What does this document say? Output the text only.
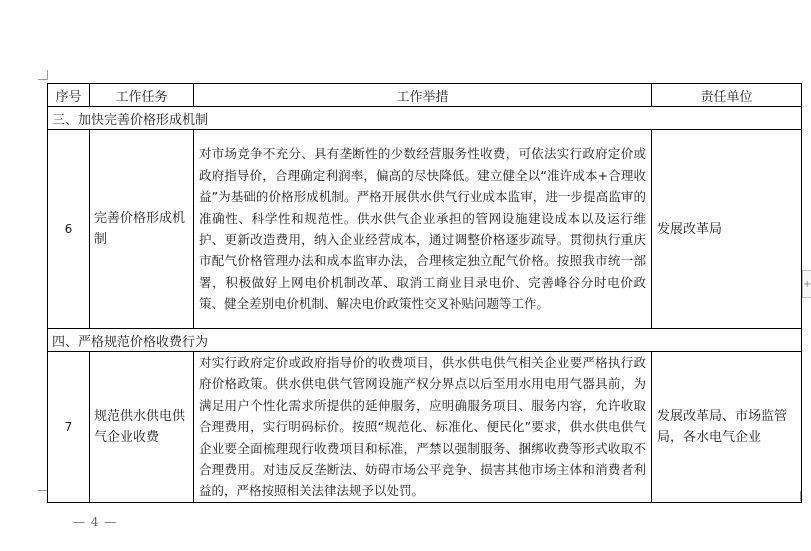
+
序号	工作任务	工作举措	责任单位
三、加快完善价格形成机制			
6	完善价格形成机制	对市场竞争不充分、具有垄断性的少数经营服务性收费，可依法实行政府定价或政府指导价，合理确定利润率，偏高的尽快降低。建立健全以“准许成本+合理收益”为基础的价格形成机制。严格开展供水供气行业成本监审，进一步提高监审的准确性、科学性和规范性。供水供气企业承担的管网设施建设成本以及运行维护、更新改造费用，纳入企业经营成本，通过调整价格逐步疏导。贯彻执行重庆市配气价格管理办法和成本监审办法，合理核定独立配气价格。按照我市统一部署，积极做好上网电价机制改革、取消工商业目录电价、完善峰谷分时电价政策、健全差别电价机制、解决电价政策性交叉补贴问题等工作。	发展改革局
四、严格规范价格收费行为			
7	规范供水供电供气企业收费	对实行政府定价或政府指导价的收费项目，供水供电供气相关企业要严格执行政府价格政策。供水供电供气管网设施产权分界点以后至用水用电用气器具前，为满足用户个性化需求所提供的延伸服务，应明确服务项目、服务内容，允许收取合理费用，实行明码标价。按照“规范化、标准化、便民化”要求，供水供电供气企业要全面梳理现行收费项目和标准，严禁以强制服务、捆绑收费等形式收取不合理费用。对违反反垄断法、妨碍市场公平竞争、损害其他市场主体和消费者利益的，严格按照相关法律法规予以处罚。	发展改革局、市场监管局，各水电气企业
— 4 —
